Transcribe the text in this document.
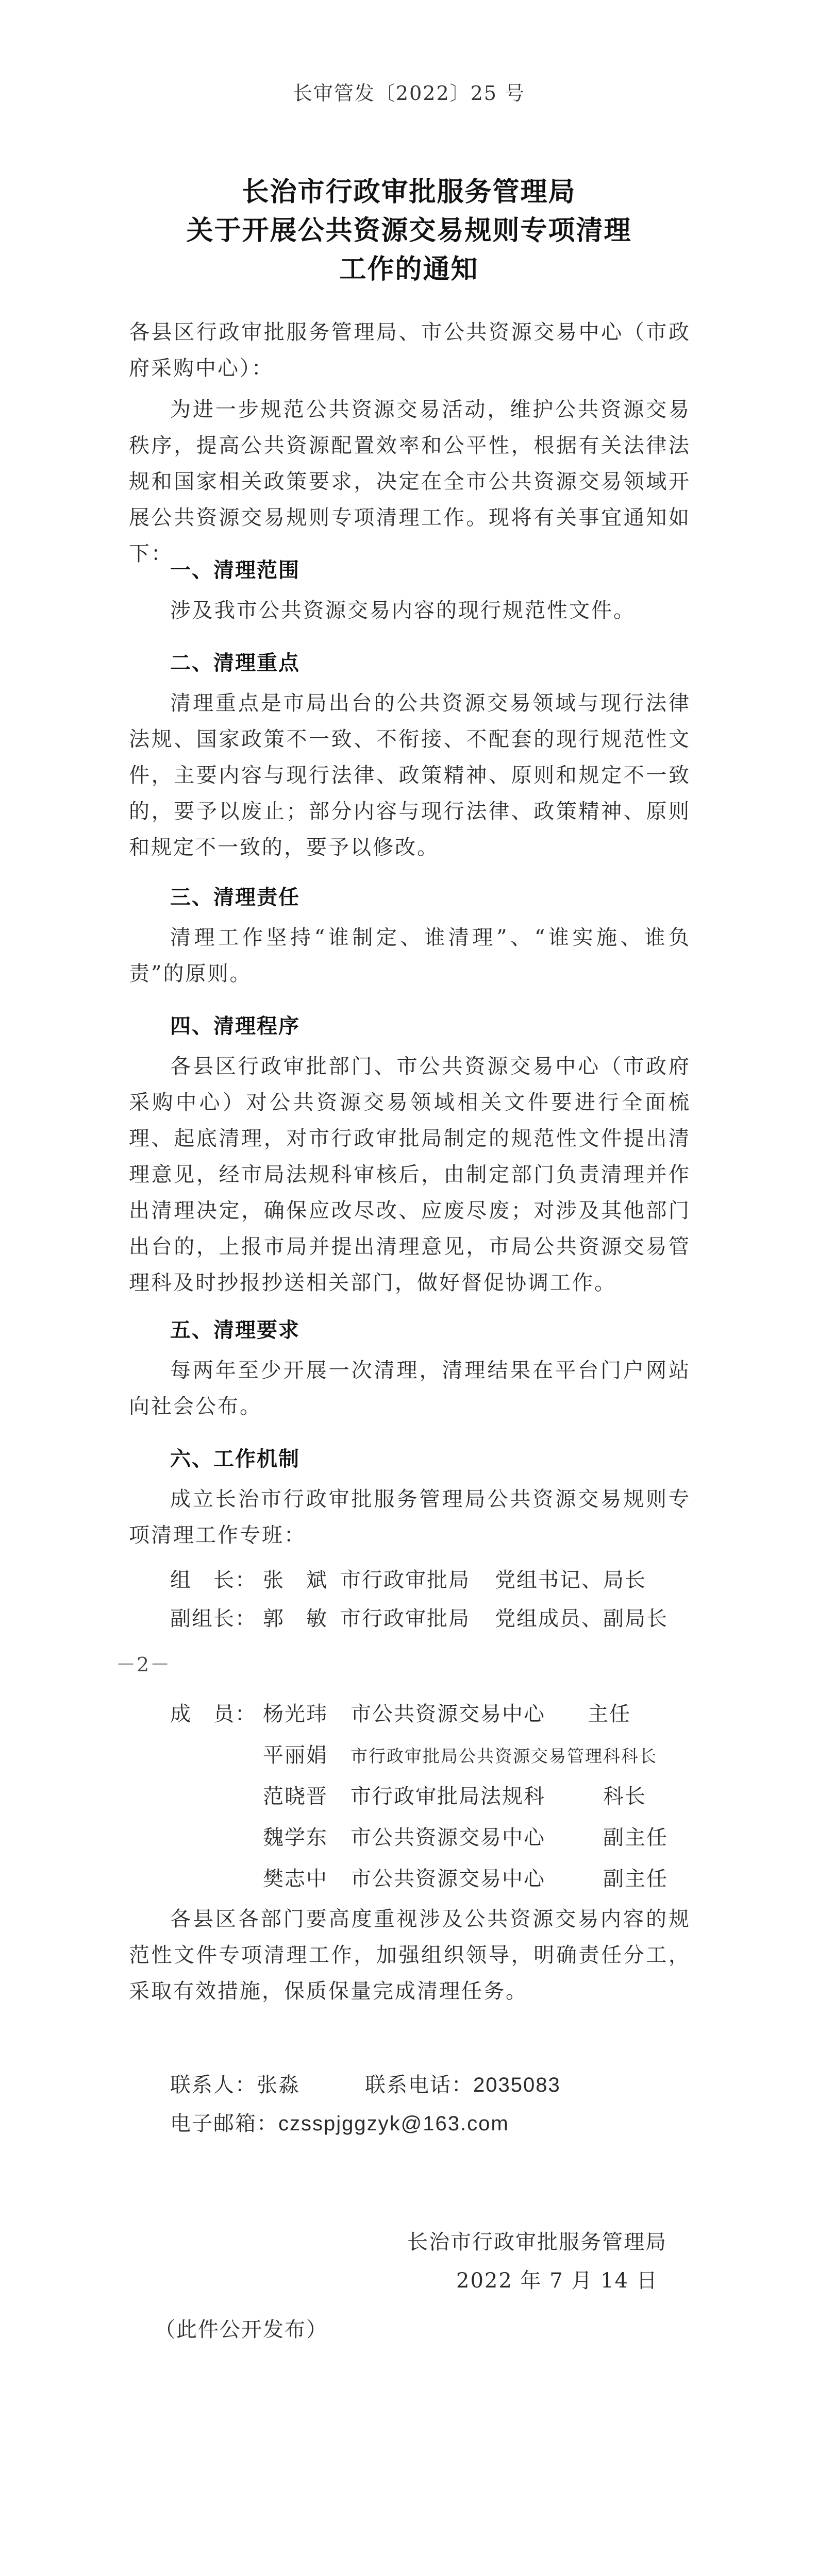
长审管发〔2022〕25 号
长治市行政审批服务管理局
关于开展公共资源交易规则专项清理
工作的通知
各县区行政审批服务管理局、市公共资源交易中心（市政府采购中心）：
为进一步规范公共资源交易活动，维护公共资源交易秩序，提高公共资源配置效率和公平性，根据有关法律法规和国家相关政策要求，决定在全市公共资源交易领域开展公共资源交易规则专项清理工作。现将有关事宜通知如下：
一、清理范围
涉及我市公共资源交易内容的现行规范性文件。
二、清理重点
清理重点是市局出台的公共资源交易领域与现行法律法规、国家政策不一致、不衔接、不配套的现行规范性文件，主要内容与现行法律、政策精神、原则和规定不一致的，要予以废止；部分内容与现行法律、政策精神、原则和规定不一致的，要予以修改。
三、清理责任
清理工作坚持“谁制定、谁清理”、“谁实施、谁负责”的原则。
四、清理程序
各县区行政审批部门、市公共资源交易中心（市政府采购中心）对公共资源交易领域相关文件要进行全面梳理、起底清理，对市行政审批局制定的规范性文件提出清理意见，经市局法规科审核后，由制定部门负责清理并作出清理决定，确保应改尽改、应废尽废；对涉及其他部门出台的，上报市局并提出清理意见，市局公共资源交易管理科及时抄报抄送相关部门，做好督促协调工作。
五、清理要求
每两年至少开展一次清理，清理结果在平台门户网站向社会公布。
六、工作机制
成立长治市行政审批服务管理局公共资源交易规则专项清理工作专班：
组　长： 张　斌 市行政审批局 党组书记、局长
副组长： 郭　敏 市行政审批局 党组成员、副局长
－2－
成　员： 杨光玮 市公共资源交易中心 主任
平丽娟 市行政审批局公共资源交易管理科科长
范晓晋 市行政审批局法规科	科长
魏学东 市公共资源交易中心	副主任
樊志中 市公共资源交易中心	副主任
各县区各部门要高度重视涉及公共资源交易内容的规范性文件专项清理工作，加强组织领导，明确责任分工，采取有效措施，保质保量完成清理任务。
联系人：张淼	联系电话：2035083
电子邮箱：czsspjggzyk@163.com
长治市行政审批服务管理局
2022 年 7 月 14 日
（此件公开发布）
